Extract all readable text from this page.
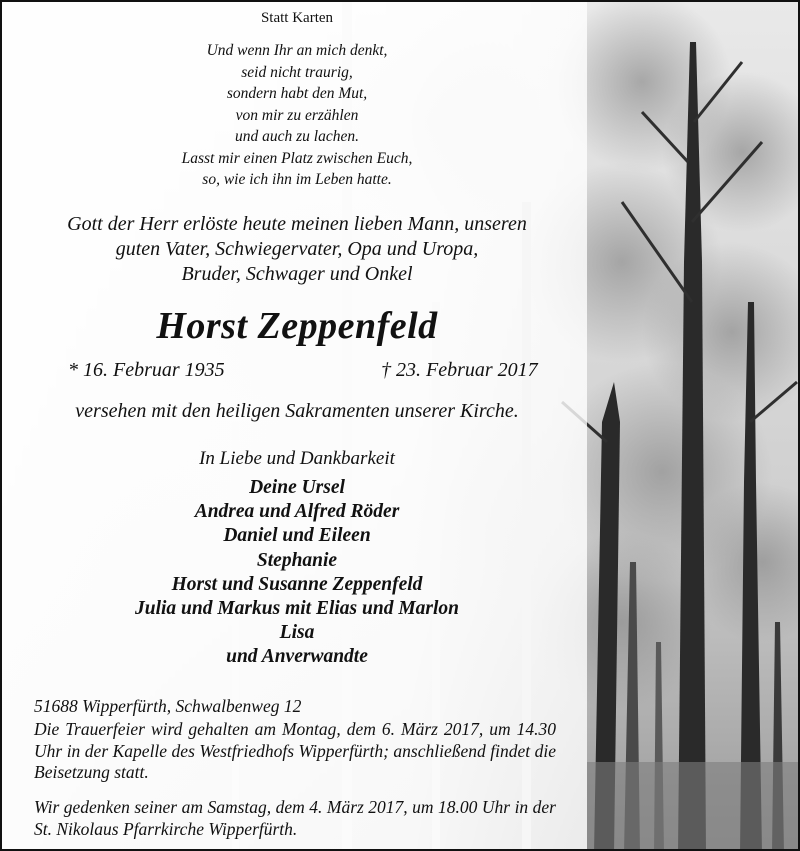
Statt Karten
Und wenn Ihr an mich denkt,
seid nicht traurig,
sondern habt den Mut,
von mir zu erzählen
und auch zu lachen.
Lasst mir einen Platz zwischen Euch,
so, wie ich ihn im Leben hatte.
Gott der Herr erlöste heute meinen lieben Mann, unseren
guten Vater, Schwiegervater, Opa und Uropa,
Bruder, Schwager und Onkel
Horst Zeppenfeld
* 16. Februar 1935	† 23. Februar 2017
versehen mit den heiligen Sakramenten unserer Kirche.
In Liebe und Dankbarkeit
Deine Ursel
Andrea und Alfred Röder
Daniel und Eileen
Stephanie
Horst und Susanne Zeppenfeld
Julia und Markus mit Elias und Marlon
Lisa
und Anverwandte
51688 Wipperfürth, Schwalbenweg 12
Die Trauerfeier wird gehalten am Montag, dem 6. März 2017, um 14.30 Uhr in der Kapelle des Westfriedhofs Wipperfürth; anschließend findet die Beisetzung statt.
Wir gedenken seiner am Samstag, dem 4. März 2017, um 18.00 Uhr in der St. Nikolaus Pfarrkirche Wipperfürth.
